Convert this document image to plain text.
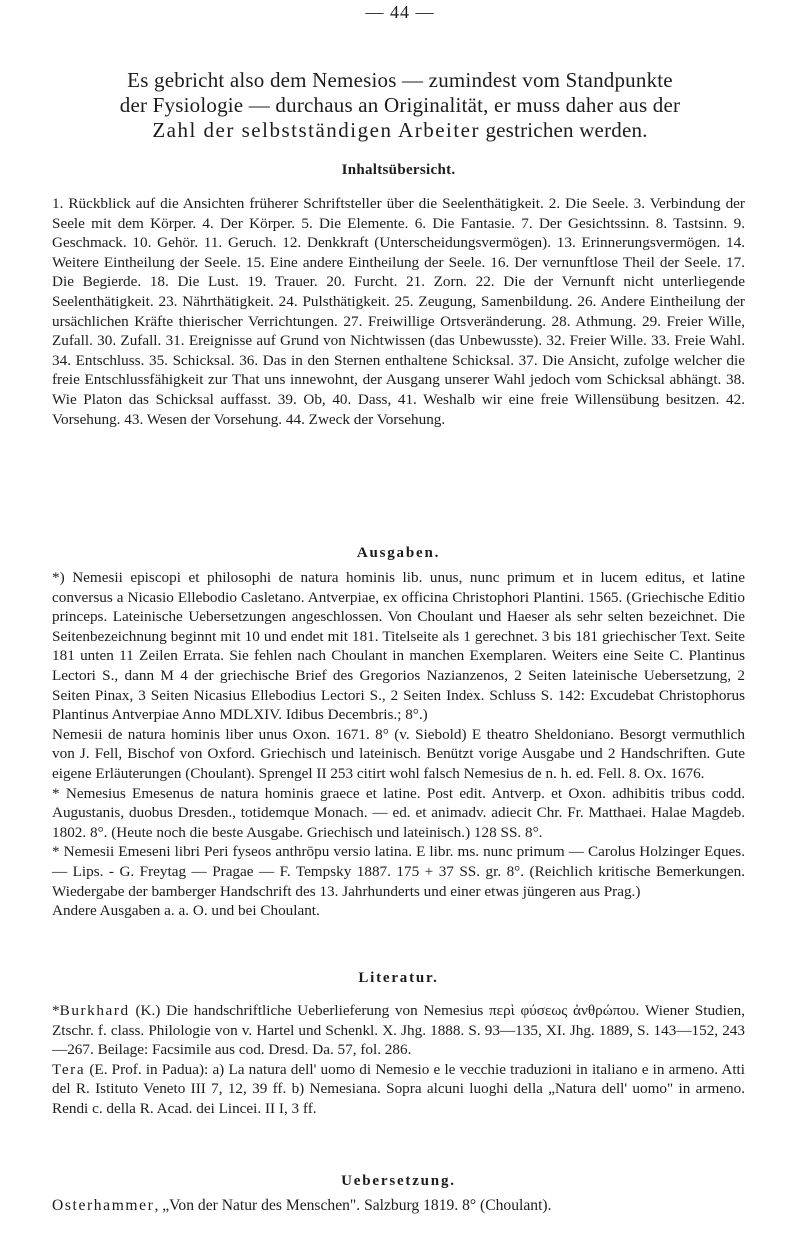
— 44 —
Es gebricht also dem Nemesios — zumindest vom Standpunkte
der Fysiologie — durchaus an Originalität, er muss daher aus der
Zahl der selbstständigen Arbeiter gestrichen werden.
Inhaltsübersicht.

1. Rückblick auf die Ansichten früherer Schriftsteller über die Seelenthätigkeit. 2. Die Seele. 3. Verbindung der Seele mit dem Körper. 4. Der Körper. 5. Die Elemente. 6. Die Fantasie. 7. Der Gesichtssinn. 8. Tastsinn. 9. Geschmack. 10. Gehör. 11. Geruch. 12. Denkkraft (Unterscheidungsvermögen). 13. Erinnerungsvermögen. 14. Weitere Eintheilung der Seele. 15. Eine andere Eintheilung der Seele. 16. Der vernunftlose Theil der Seele. 17. Die Begierde. 18. Die Lust. 19. Trauer. 20. Furcht. 21. Zorn. 22. Die der Vernunft nicht unterliegende Seelenthätigkeit. 23. Nährthätigkeit. 24. Pulsthätigkeit. 25. Zeugung, Samenbildung. 26. Andere Eintheilung der ursächlichen Kräfte thierischer Verrichtungen. 27. Freiwillige Ortsveränderung. 28. Athmung. 29. Freier Wille, Zufall. 30. Zufall. 31. Ereignisse auf Grund von Nichtwissen (das Unbewusste). 32. Freier Wille. 33. Freie Wahl. 34. Entschluss. 35. Schicksal. 36. Das in den Sternen enthaltene Schicksal. 37. Die Ansicht, zufolge welcher die freie Entschlussfähigkeit zur That uns innewohnt, der Ausgang unserer Wahl jedoch vom Schicksal abhängt. 38. Wie Platon das Schicksal auffasst. 39. Ob, 40. Dass, 41. Weshalb wir eine freie Willensübung besitzen. 42. Vorsehung. 43. Wesen der Vorsehung. 44. Zweck der Vorsehung.

Ausgaben.

*) Nemesii episcopi et philosophi de natura hominis lib. unus, nunc primum et in lucem editus, et latine conversus a Nicasio Ellebodio Casletano. Antverpiae, ex officina Christophori Plantini. 1565. (Griechische Editio princeps. Lateinische Uebersetzungen angeschlossen. Von Choulant und Haeser als sehr selten bezeichnet. Die Seitenbezeichnung beginnt mit 10 und endet mit 181. Titelseite als 1 gerechnet. 3 bis 181 griechischer Text. Seite 181 unten 11 Zeilen Errata. Sie fehlen nach Choulant in manchen Exemplaren. Weiters eine Seite C. Plantinus Lectori S., dann M 4 der griechische Brief des Gregorios Nazianzenos, 2 Seiten lateinische Uebersetzung, 2 Seiten Pinax, 3 Seiten Nicasius Ellebodius Lectori S., 2 Seiten Index. Schluss S. 142: Excudebat Christophorus Plantinus Antverpiae Anno MDLXIV. Idibus Decembris.; 8°.)

Nemesii de natura hominis liber unus Oxon. 1671. 8° (v. Siebold) E theatro Sheldoniano. Besorgt vermuthlich von J. Fell, Bischof von Oxford. Griechisch und lateinisch. Benützt vorige Ausgabe und 2 Handschriften. Gute eigene Erläuterungen (Choulant). Sprengel II 253 citirt wohl falsch Nemesius de n. h. ed. Fell. 8. Ox. 1676.

* Nemesius Emesenus de natura hominis graece et latine. Post edit. Antverp. et Oxon. adhibitis tribus codd. Augustanis, duobus Dresden., totidemque Monach. — ed. et animadv. adiecit Chr. Fr. Matthaei. Halae Magdeb. 1802. 8°. (Heute noch die beste Ausgabe. Griechisch und lateinisch.) 128 SS. 8°.

* Nemesii Emeseni libri Peri fyseos anthrōpu versio latina. E libr. ms. nunc primum — Carolus Holzinger Eques. — Lips. - G. Freytag — Pragae — F. Tempsky 1887. 175 + 37 SS. gr. 8°. (Reichlich kritische Bemerkungen. Wiedergabe der bamberger Handschrift des 13. Jahrhunderts und einer etwas jüngeren aus Prag.)

Andere Ausgaben a. a. O. und bei Choulant.

Literatur.

*Burkhard (K.) Die handschriftliche Ueberlieferung von Nemesius περὶ φύσεως ἀνθρώπου. Wiener Studien, Ztschr. f. class. Philologie von v. Hartel und Schenkl. X. Jhg. 1888. S. 93—135, XI. Jhg. 1889, S. 143—152, 243—267. Beilage: Facsimile aus cod. Dresd. Da. 57, fol. 286.

Tera (E. Prof. in Padua): a) La natura dell' uomo di Nemesio e le vecchie traduzioni in italiano e in armeno. Atti del R. Istituto Veneto III 7, 12, 39 ff. b) Nemesiana. Sopra alcuni luoghi della „Natura dell' uomo" in armeno. Rendi c. della R. Acad. dei Lincei. II I, 3 ff.

Uebersetzung.

Osterhammer, „Von der Natur des Menschen". Salzburg 1819. 8° (Choulant).
